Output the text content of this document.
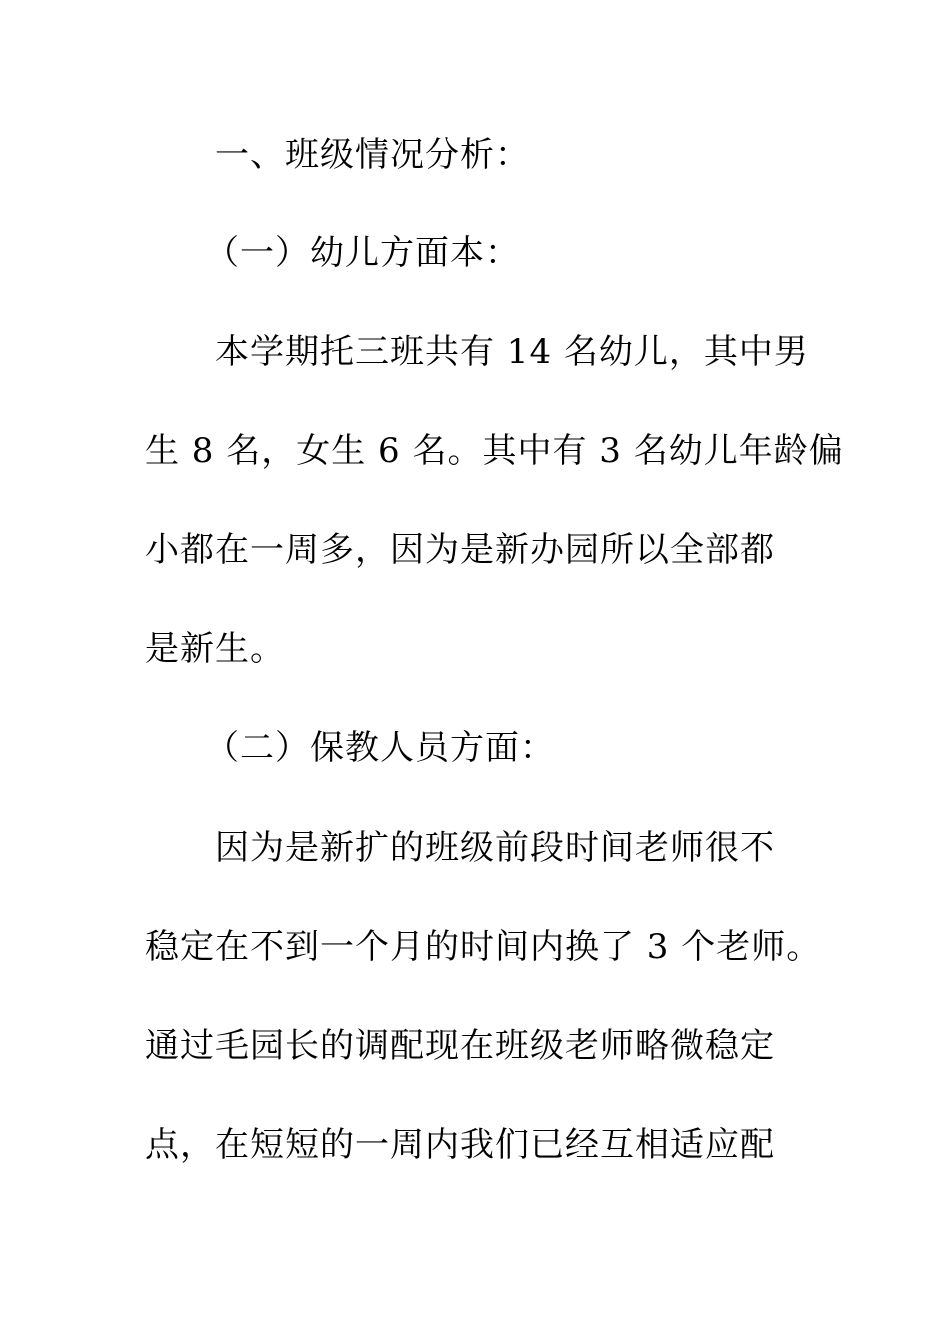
一、班级情况分析：
（一）幼儿方面本：
本学期托三班共有 14 名幼儿，其中男
生 8 名，女生 6 名。其中有 3 名幼儿年龄偏
小都在一周多，因为是新办园所以全部都
是新生。
（二）保教人员方面：
因为是新扩的班级前段时间老师很不
稳定在不到一个月的时间内换了 3 个老师。
通过毛园长的调配现在班级老师略微稳定
点，在短短的一周内我们已经互相适应配
